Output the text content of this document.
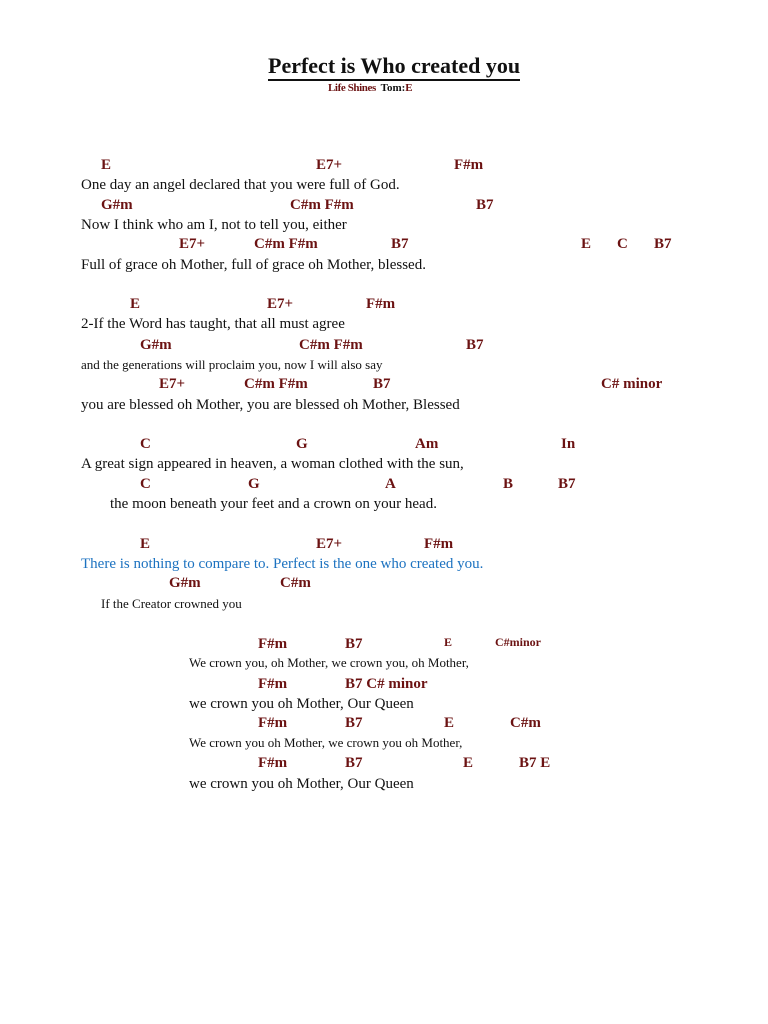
Perfect is Who created you
Life Shines Tom:E
E	E7+	F#m
One day an angel declared that you were full of God.
G#m	C#m F#m	B7
Now I think who am I, not to tell you, either
E7+	C#m F#m	B7	E C B7
Full of grace oh Mother, full of grace oh Mother, blessed.
E	E7+	F#m
2-If the Word has taught, that all must agree
G#m	C#m F#m	B7
and the generations will proclaim you, now I will also say
E7+	C#m F#m	B7	C# minor
you are blessed oh Mother, you are blessed oh Mother, Blessed
C	G	Am	In
A great sign appeared in heaven, a woman clothed with the sun,
C	G	A	B	B7
the moon beneath your feet and a crown on your head.
E	E7+	F#m
There is nothing to compare to. Perfect is the one who created you.
G#m	C#m
If the Creator crowned you
F#m	B7	E	C#minor
We crown you, oh Mother, we crown you, oh Mother,
F#m	B7 C# minor
we crown you oh Mother, Our Queen
F#m	B7	E	C#m
We crown you oh Mother, we crown you oh Mother,
F#m	B7	E	B7 E
we crown you oh Mother, Our Queen
